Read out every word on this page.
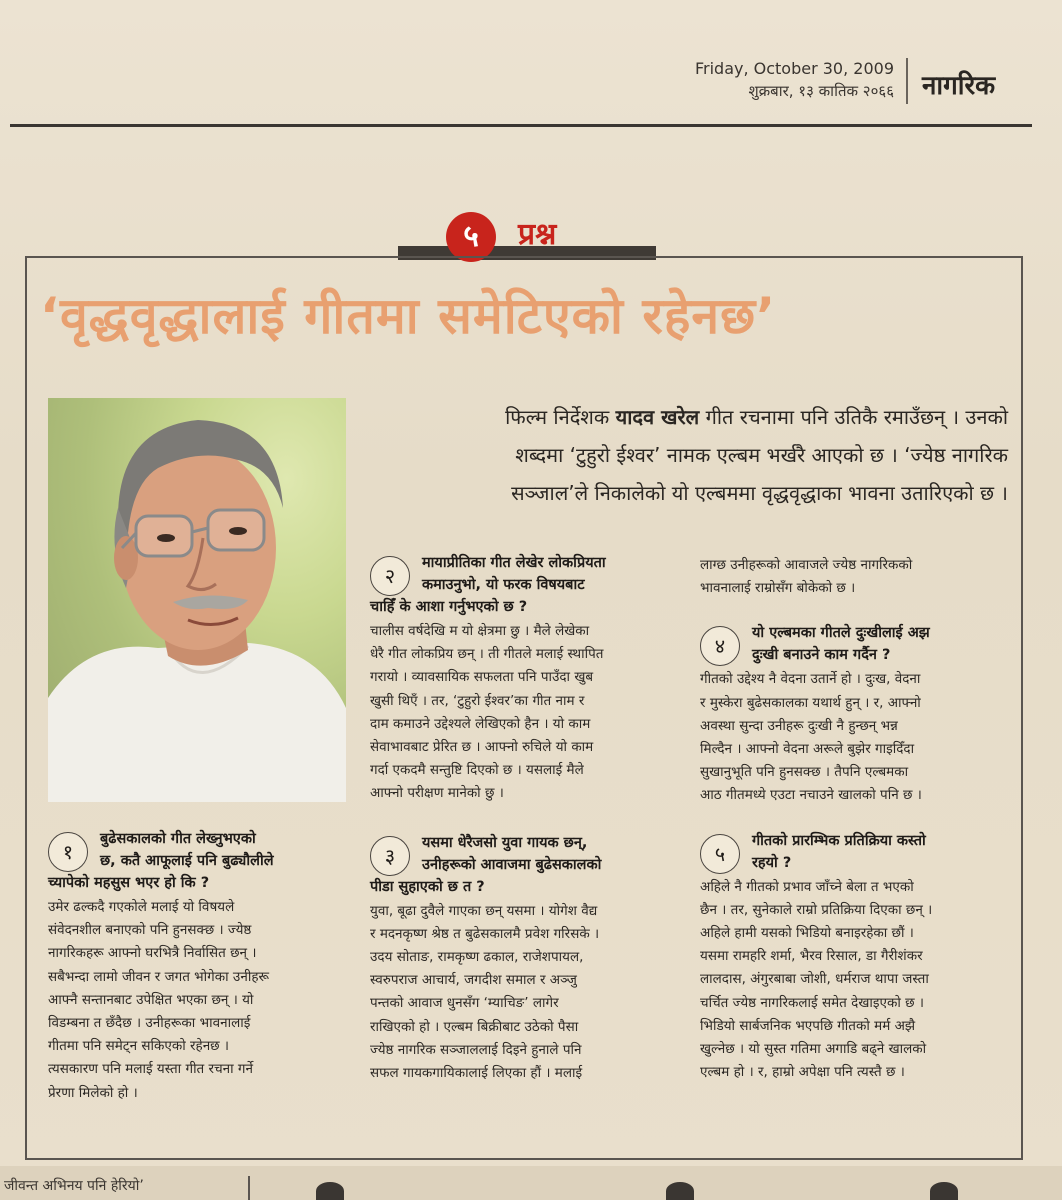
Friday, October 30, 2009
शुक्रबार, १३ कातिक २०६६ नागरिक
५	प्रश्न
‘वृद्धवृद्धालाई गीतमा समेटिएको रहेनछ’
फिल्म निर्देशक यादव खरेल गीत रचनामा पनि उतिकै रमाउँछन् । उनको
शब्दमा ‘टुहुरो ईश्वर’ नामक एल्बम भर्खरै आएको छ । ‘ज्येष्ठ नागरिक
सञ्जाल’ले निकालेको यो एल्बममा वृद्धवृद्धाका भावना उतारिएको छ ।
१
बुढेसकालको गीत लेख्नुभएको
छ, कतै आफूलाई पनि बुढ्यौलीले
च्यापेको महसुस भएर हो कि ?
उमेर ढल्कदै गएकोले मलाई यो विषयले
संवेदनशील बनाएको पनि हुनसक्छ । ज्येष्ठ
नागरिकहरू आफ्नो घरभित्रै निर्वासित छन् ।
सबैभन्दा लामो जीवन र जगत भोगेका उनीहरू
आफ्नै सन्तानबाट उपेक्षित भएका छन् । यो
विडम्बना त छँदैछ । उनीहरूका भावनालाई
गीतमा पनि समेट्न सकिएको रहेनछ ।
त्यसकारण पनि मलाई यस्ता गीत रचना गर्ने
प्रेरणा मिलेको हो ।
२
मायाप्रीतिका गीत लेखेर लोकप्रियता
कमाउनुभो, यो फरक विषयबाट
चाहिँ के आशा गर्नुभएको छ ?
चालीस वर्षदेखि म यो क्षेत्रमा छु । मैले लेखेका
धेरै गीत लोकप्रिय छन् । ती गीतले मलाई स्थापित
गरायो । व्यावसायिक सफलता पनि पाउँदा खुब
खुसी थिएँ । तर, ‘टुहुरो ईश्वर’का गीत नाम र
दाम कमाउने उद्देश्यले लेखिएको हैन । यो काम
सेवाभावबाट प्रेरित छ । आफ्नो रुचिले यो काम
गर्दा एकदमै सन्तुष्टि दिएको छ । यसलाई मैले
आफ्नो परीक्षण मानेको छु ।
३
यसमा धेरैजसो युवा गायक छन्,
उनीहरूको आवाजमा बुढेसकालको
पीडा सुहाएको छ त ?
युवा, बूढा दुवैले गाएका छन् यसमा । योगेश वैद्य
र मदनकृष्ण श्रेष्ठ त बुढेसकालमै प्रवेश गरिसके ।
उदय सोताङ, रामकृष्ण ढकाल, राजेशपायल,
स्वरुपराज आचार्य, जगदीश समाल र अञ्जु
पन्तको आवाज धुनसँग ‘म्याचिङ’ लागेर
राखिएको हो । एल्बम बिक्रीबाट उठेको पैसा
ज्येष्ठ नागरिक सञ्जाललाई दिइने हुनाले पनि
सफल गायकगायिकालाई लिएका हौं । मलाई
लाग्छ उनीहरूको आवाजले ज्येष्ठ नागरिकको
भावनालाई राम्रोसँग बोकेको छ ।
४
यो एल्बमका गीतले दुःखीलाई अझ
दुःखी बनाउने काम गर्दैन ?
गीतको उद्देश्य नै वेदना उतार्ने हो । दुःख, वेदना
र मुस्केरा बुढेसकालका यथार्थ हुन् । र, आफ्नो
अवस्था सुन्दा उनीहरू दुःखी नै हुन्छन् भन्न
मिल्दैन । आफ्नो वेदना अरूले बुझेर गाइदिँदा
सुखानुभूति पनि हुनसक्छ । तैपनि एल्बमका
आठ गीतमध्ये एउटा नचाउने खालको पनि छ ।
५
गीतको प्रारम्भिक प्रतिक्रिया कस्तो
रहयो ?
अहिले नै गीतको प्रभाव जाँच्ने बेला त भएको
छैन । तर, सुनेकाले राम्रो प्रतिक्रिया दिएका छन् ।
अहिले हामी यसको भिडियो बनाइरहेका छौं ।
यसमा रामहरि शर्मा, भैरव रिसाल, डा गैरीशंकर
लालदास, अंगुरबाबा जोशी, धर्मराज थापा जस्ता
चर्चित ज्येष्ठ नागरिकलाई समेत देखाइएको छ ।
भिडियो सार्बजनिक भएपछि गीतको मर्म अझै
खुल्नेछ । यो सुस्त गतिमा अगाडि बढ्ने खालको
एल्बम हो । र, हाम्रो अपेक्षा पनि त्यस्तै छ ।
जीवन्त अभिनय पनि हेरियो’
